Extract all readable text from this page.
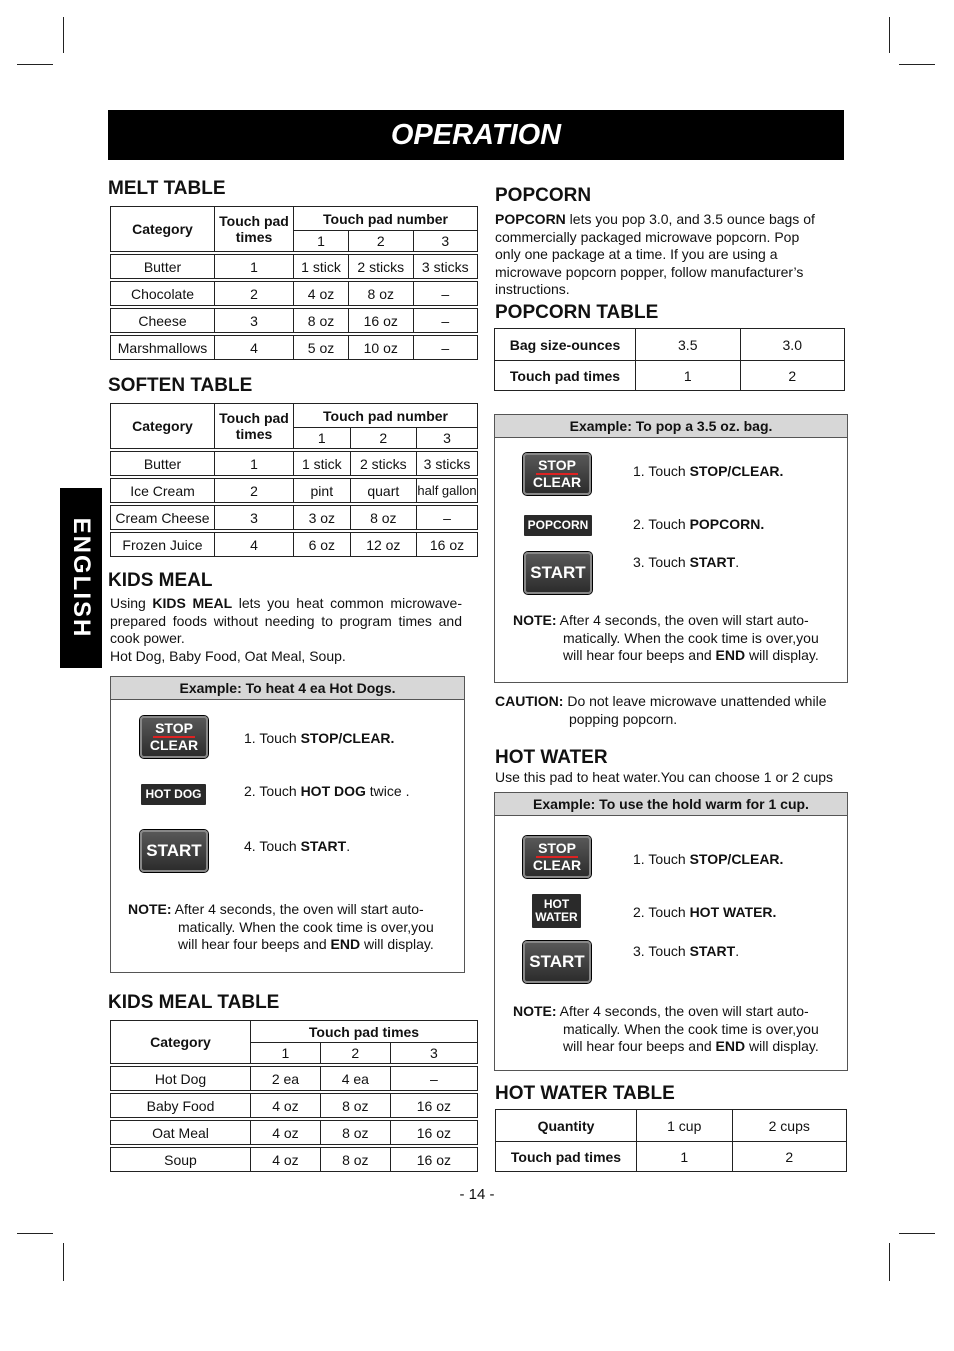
OPERATION
ENGLISH
MELT TABLE
Category	Touch pad times	Touch pad number		
		1	2	3

Butter	1	1 stick	2 sticks	3 sticks

Chocolate	2	4 oz	8 oz	–

Cheese	3	8 oz	16 oz	–

Marshmallows	4	5 oz	10 oz	–
SOFTEN TABLE
Category	Touch pad times	Touch pad number		
		1	2	3

Butter	1	1 stick	2 sticks	3 sticks

Ice Cream	2	pint	quart	half gallon

Cream Cheese	3	3 oz	8 oz	–

Frozen Juice	4	6 oz	12 oz	16 oz
KIDS MEAL

Using KIDS MEAL lets you heat common microwave-prepared foods without needing to program times and cook power.

Hot Dog, Baby Food, Oat Meal, Soup.

Example: To heat 4 ea Hot Dogs.
STOP
CLEAR	1. Touch STOP/CLEAR.
HOT DOG	2. Touch HOT DOG twice .
START	4. Touch START.
NOTE: After 4 seconds, the oven will start auto-
matically. When the cook time is over,you
will hear four beeps and END will display.
KIDS MEAL TABLE
Category	Touch pad times		
	1	2	3

Hot Dog	2 ea	4 ea	–

Baby Food	4 oz	8 oz	16 oz

Oat Meal	4 oz	8 oz	16 oz

Soup	4 oz	8 oz	16 oz
POPCORN

POPCORN lets you pop 3.0, and 3.5 ounce bags of commercially packaged microwave popcorn. Pop only one package at a time. If you are using a microwave popcorn popper, follow manufacturer’s instructions.

POPCORN TABLE
Bag size-ounces	3.5	3.0
Touch pad times	1	2
Example: To pop a 3.5 oz. bag.
STOP
CLEAR
1. Touch STOP/CLEAR.
POPCORN	2. Touch POPCORN.
START
3. Touch START.
NOTE: After 4 seconds, the oven will start auto-
matically. When the cook time is over,you
will hear four beeps and END will display.
CAUTION: Do not leave microwave unattended while
popping popcorn.
HOT WATER

Use this pad to heat water.You can choose 1 or 2 cups

Example: To use the hold warm for 1 cup.
STOP
CLEAR	1. Touch STOP/CLEAR.
HOT
WATER	2. Touch HOT WATER.
START
3. Touch START.
NOTE: After 4 seconds, the oven will start auto-
matically. When the cook time is over,you
will hear four beeps and END will display.
HOT WATER TABLE
Quantity	1 cup	2 cups
Touch pad times	1	2
- 14 -
